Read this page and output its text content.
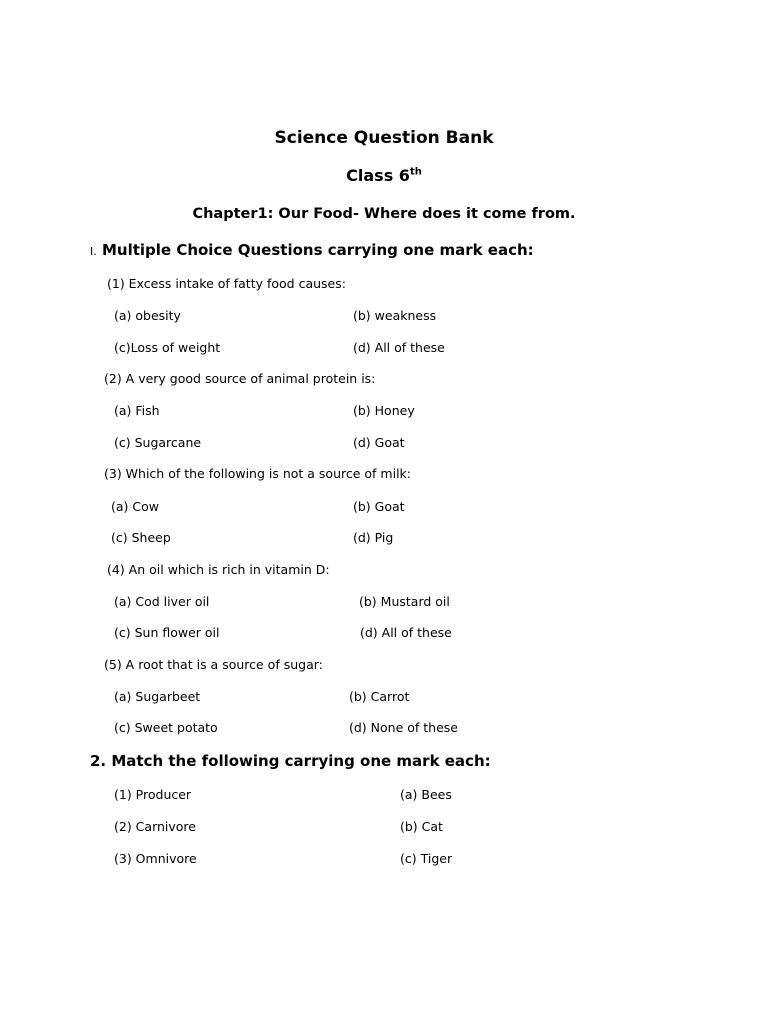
Science Question Bank
Class 6th
Chapter1: Our Food- Where does it come from.
I. Multiple Choice Questions carrying one mark each:
(1) Excess intake of fatty food causes:
(a) obesity	(b) weakness
(c)Loss of weight	(d) All of these
(2) A very good source of animal protein is:
(a) Fish	(b) Honey
(c) Sugarcane	(d) Goat
(3) Which of the following is not a source of milk:
(a) Cow	(b) Goat
(c) Sheep	(d) Pig
(4) An oil which is rich in vitamin D:
(a) Cod liver oil	(b) Mustard oil
(c) Sun flower oil	(d) All of these
(5) A root that is a source of sugar:
(a) Sugarbeet	(b) Carrot
(c) Sweet potato	(d) None of these
2. Match the following carrying one mark each:
(1) Producer	(a) Bees
(2) Carnivore	(b) Cat
(3) Omnivore	(c) Tiger
